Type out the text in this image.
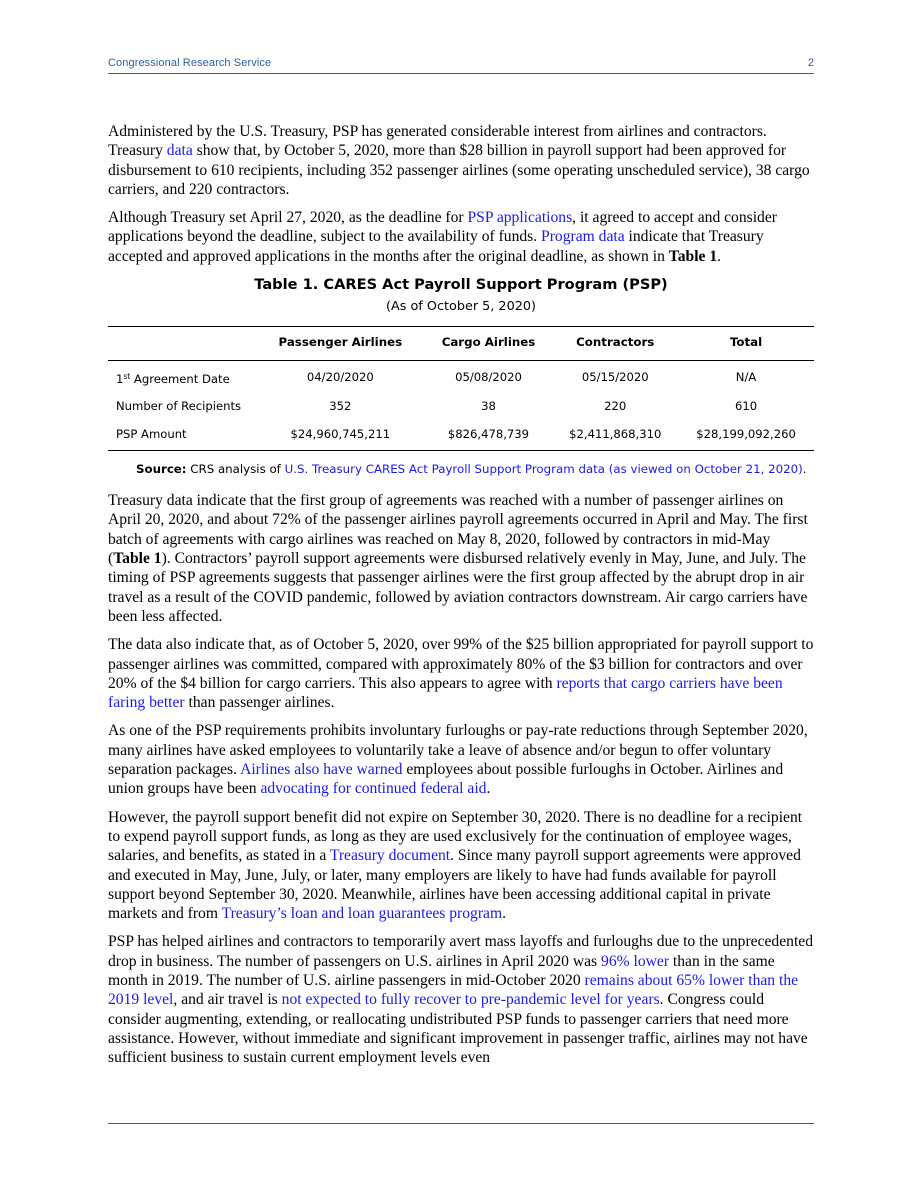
Congressional Research Service	2

Administered by the U.S. Treasury, PSP has generated considerable interest from airlines and contractors. Treasury data show that, by October 5, 2020, more than $28 billion in payroll support had been approved for disbursement to 610 recipients, including 352 passenger airlines (some operating unscheduled service), 38 cargo carriers, and 220 contractors.

Although Treasury set April 27, 2020, as the deadline for PSP applications, it agreed to accept and consider applications beyond the deadline, subject to the availability of funds. Program data indicate that Treasury accepted and approved applications in the months after the original deadline, as shown in Table 1.

Table 1. CARES Act Payroll Support Program (PSP)
(As of October 5, 2020)
	Passenger Airlines	Cargo Airlines	Contractors	Total
1st Agreement Date	04/20/2020	05/08/2020	05/15/2020	N/A
Number of Recipients	352	38	220	610
PSP Amount	$24,960,745,211	$826,478,739	$2,411,868,310	$28,199,092,260
Source: CRS analysis of U.S. Treasury CARES Act Payroll Support Program data (as viewed on October 21, 2020).

Treasury data indicate that the first group of agreements was reached with a number of passenger airlines on April 20, 2020, and about 72% of the passenger airlines payroll agreements occurred in April and May. The first batch of agreements with cargo airlines was reached on May 8, 2020, followed by contractors in mid-May (Table 1). Contractors’ payroll support agreements were disbursed relatively evenly in May, June, and July. The timing of PSP agreements suggests that passenger airlines were the first group affected by the abrupt drop in air travel as a result of the COVID pandemic, followed by aviation contractors downstream. Air cargo carriers have been less affected.

The data also indicate that, as of October 5, 2020, over 99% of the $25 billion appropriated for payroll support to passenger airlines was committed, compared with approximately 80% of the $3 billion for contractors and over 20% of the $4 billion for cargo carriers. This also appears to agree with reports that cargo carriers have been faring better than passenger airlines.

As one of the PSP requirements prohibits involuntary furloughs or pay-rate reductions through September 2020, many airlines have asked employees to voluntarily take a leave of absence and/or begun to offer voluntary separation packages. Airlines also have warned employees about possible furloughs in October. Airlines and union groups have been advocating for continued federal aid.

However, the payroll support benefit did not expire on September 30, 2020. There is no deadline for a recipient to expend payroll support funds, as long as they are used exclusively for the continuation of employee wages, salaries, and benefits, as stated in a Treasury document. Since many payroll support agreements were approved and executed in May, June, July, or later, many employers are likely to have had funds available for payroll support beyond September 30, 2020. Meanwhile, airlines have been accessing additional capital in private markets and from Treasury’s loan and loan guarantees program.

PSP has helped airlines and contractors to temporarily avert mass layoffs and furloughs due to the unprecedented drop in business. The number of passengers on U.S. airlines in April 2020 was 96% lower than in the same month in 2019. The number of U.S. airline passengers in mid-October 2020 remains about 65% lower than the 2019 level, and air travel is not expected to fully recover to pre-pandemic level for years. Congress could consider augmenting, extending, or reallocating undistributed PSP funds to passenger carriers that need more assistance. However, without immediate and significant improvement in passenger traffic, airlines may not have sufficient business to sustain current employment levels even
